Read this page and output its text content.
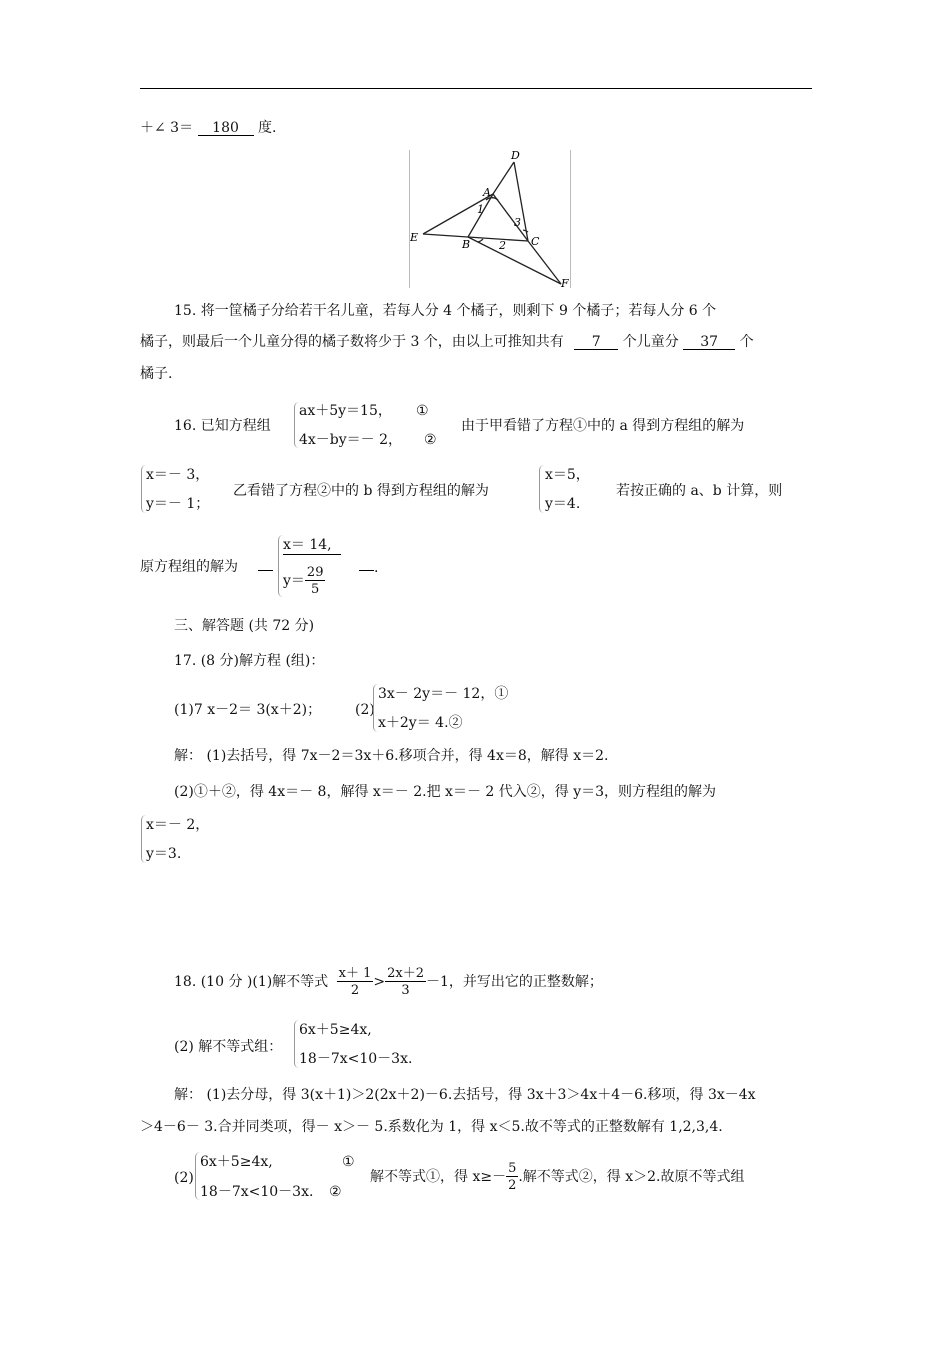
＋∠ 3＝ 180 度.
D
A
E
B	C
F
1
2
3
15. 将一筐橘子分给若干名儿童，若每人分 4 个橘子，则剩下 9 个橘子；若每人分 6 个
橘子，则最后一个儿童分得的橘子数将少于 3 个，由以上可推知共有 7 个儿童分 37 个
橘子.
16. 已知方程组
ax＋5y＝15， ①
4x－by＝－ 2， ②
由于甲看错了方程①中的 a 得到方程组的解为
x＝－ 3，
y＝－ 1；
乙看错了方程②中的 b 得到方程组的解为
x＝5，
y＝4.
若按正确的 a、b 计算，则
原方程组的解为
x＝ 14,
$y= \frac{29}{5}$	.
三、解答题 (共 72 分)
17. (8 分)解方程 (组)：
(1)7 x－2＝ 3(x＋2)； (2)
3x－ 2y＝－ 12，①
x＋2y＝ 4.②
解： (1)去括号，得 7x－2＝3x＋6.移项合并，得 4x＝8，解得 x＝2.
(2)①＋②，得 4x＝－ 8，解得 x＝－ 2.把 x＝－ 2 代入②，得 y＝3，则方程组的解为
x＝－ 2，
y＝3.
18. (10 分 )(1)解不等式 $\frac{x+ 1}{2} > \frac{2x+2}{3} -1$，并写出它的正整数解；
(2) 解不等式组：
6x＋5≥4x,
18－7x<10－3x.
解： (1)去分母，得 3(x＋1)＞2(2x＋2)－6.去括号，得 3x＋3＞4x＋4－6.移项，得 3x－4x
＞4－6－ 3.合并同类项，得－ x＞－ 5.系数化为 1，得 x＜5.故不等式的正整数解有 1,2,3,4.
(2)
6x＋5≥4x,	①
18－7x<10－3x. ②
解不等式①，得 $x\ge- \frac{5}{2}$ .解不等式②，得 x＞2.故原不等式组
